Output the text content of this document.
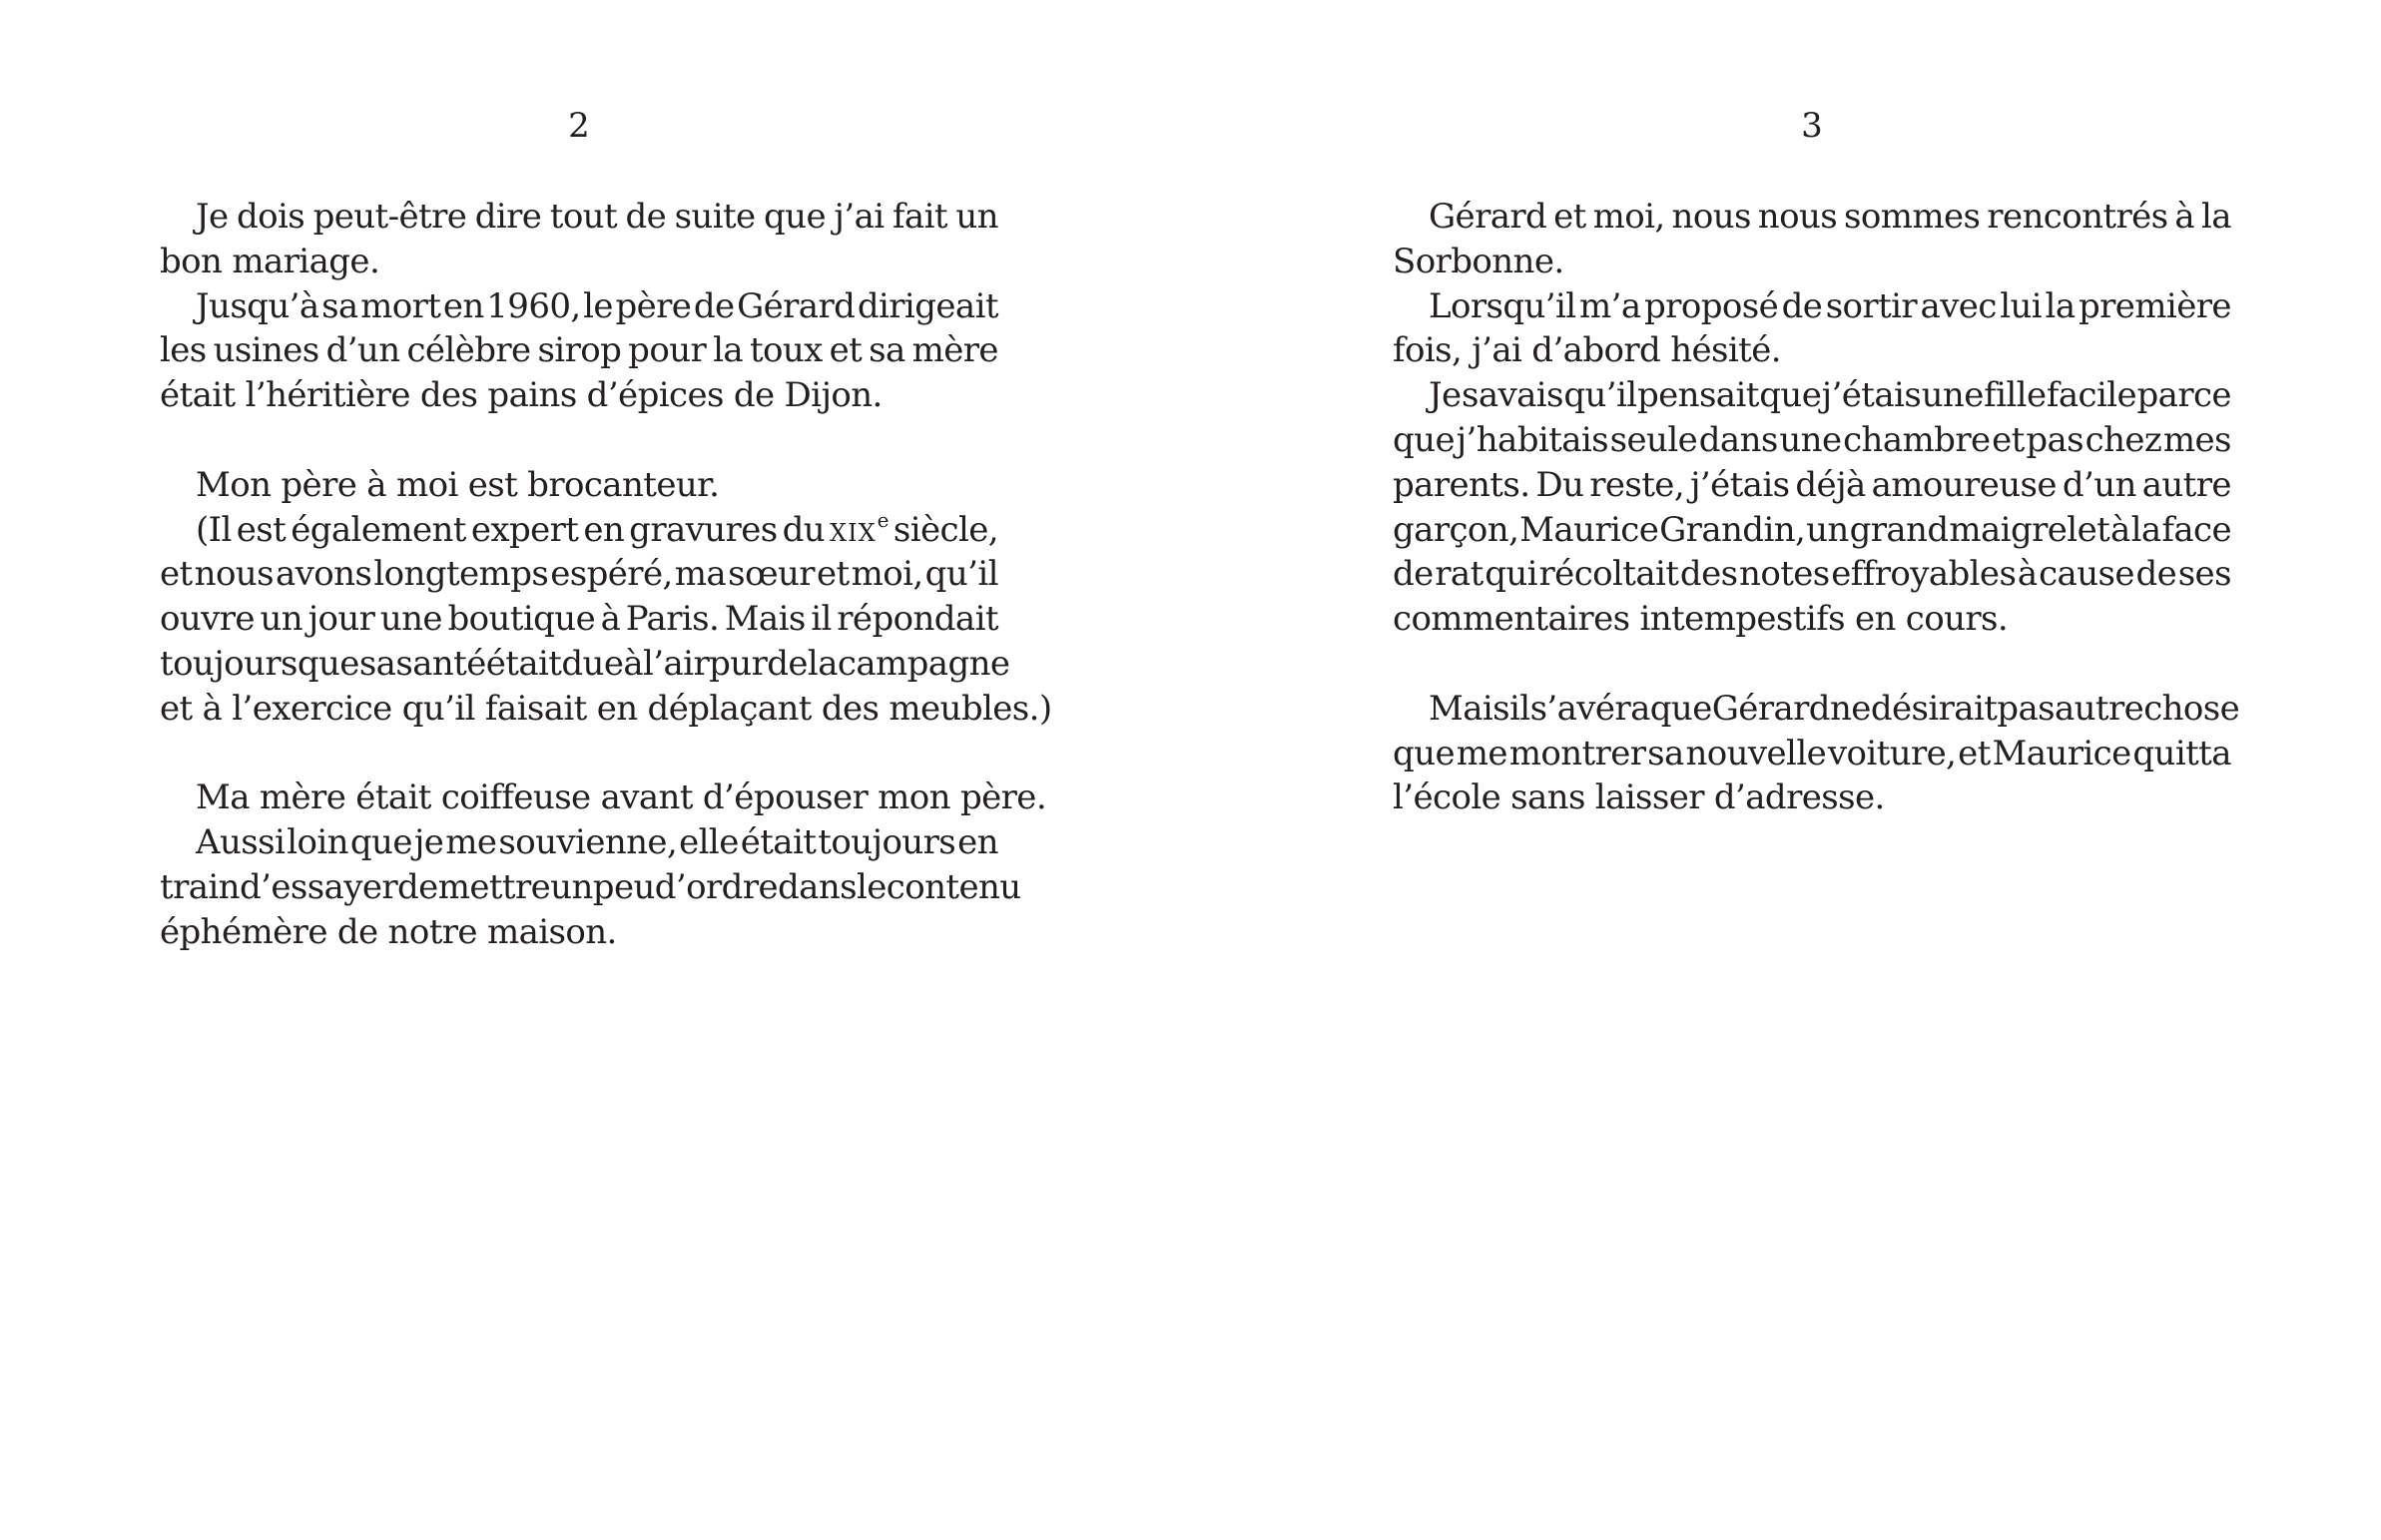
2
Je dois peut-être dire tout de suite que j’ai fait un
bon mariage.
Jusqu’à sa mort en 1960, le père de Gérard dirigeait
les usines d’un célèbre sirop pour la toux et sa mère
était l’héritière des pains d’épices de Dijon.
Mon père à moi est brocanteur.
(Il est également expert en gravures du xix$^e$ siècle,
et nous avons longtemps espéré, ma sœur et moi, qu’il
ouvre un jour une boutique à Paris. Mais il répondait
toujours que sa santé était due à l’air pur de la campagne
et à l’exercice qu’il faisait en déplaçant des meubles.)
Ma mère était coiffeuse avant d’épouser mon père.
Aussi loin que je me souvienne, elle était toujours en
train d’essayer de mettre un peu d’ordre dans le contenu
éphémère de notre maison.
3
Gérard et moi, nous nous sommes rencontrés à la
Sorbonne.
Lorsqu’il m’a proposé de sortir avec lui la première
fois, j’ai d’abord hésité.
Je savais qu’il pensait que j’étais une fille facile parce
que j’habitais seule dans une chambre et pas chez mes
parents. Du reste, j’étais déjà amoureuse d’un autre
garçon, Maurice Grandin, un grand maigrelet à la face
de rat qui récoltait des notes effroyables à cause de ses
commentaires intempestifs en cours.
Mais il s’avéra que Gérard ne désirait pas autre chose
que me montrer sa nouvelle voiture, et Maurice quitta
l’école sans laisser d’adresse.
